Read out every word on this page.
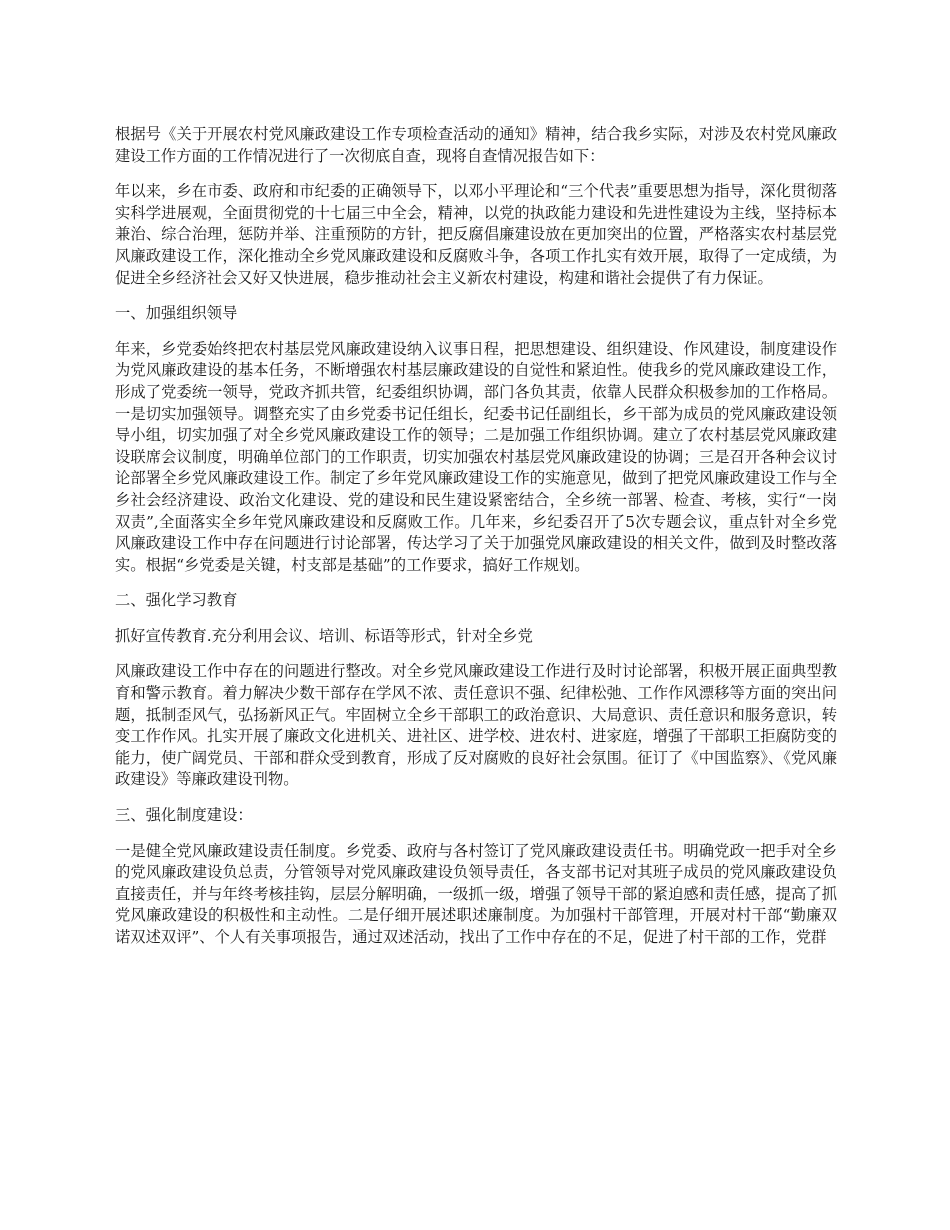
根据号《关于开展农村党风廉政建设工作专项检查活动的通知》精神，结合我乡实际，对涉及农村党风廉政建设工作方面的工作情况进行了一次彻底自查，现将自查情况报告如下：

年以来，乡在市委、政府和市纪委的正确领导下，以邓小平理论和“三个代表”重要思想为指导，深化贯彻落实科学进展观，全面贯彻党的十七届三中全会，精神，以党的执政能力建设和先进性建设为主线，坚持标本兼治、综合治理，惩防并举、注重预防的方针，把反腐倡廉建设放在更加突出的位置，严格落实农村基层党风廉政建设工作，深化推动全乡党风廉政建设和反腐败斗争，各项工作扎实有效开展，取得了一定成绩，为促进全乡经济社会又好又快进展，稳步推动社会主义新农村建设，构建和谐社会提供了有力保证。

一、加强组织领导

年来，乡党委始终把农村基层党风廉政建设纳入议事日程，把思想建设、组织建设、作风建设，制度建设作为党风廉政建设的基本任务，不断增强农村基层廉政建设的自觉性和紧迫性。使我乡的党风廉政建设工作，形成了党委统一领导，党政齐抓共管，纪委组织协调，部门各负其责，依靠人民群众积极参加的工作格局。一是切实加强领导。调整充实了由乡党委书记任组长，纪委书记任副组长，乡干部为成员的党风廉政建设领导小组，切实加强了对全乡党风廉政建设工作的领导；二是加强工作组织协调。建立了农村基层党风廉政建设联席会议制度，明确单位部门的工作职责，切实加强农村基层党风廉政建设的协调；三是召开各种会议讨论部署全乡党风廉政建设工作。制定了乡年党风廉政建设工作的实施意见，做到了把党风廉政建设工作与全乡社会经济建设、政治文化建设、党的建设和民生建设紧密结合，全乡统一部署、检查、考核，实行“一岗双责”,全面落实全乡年党风廉政建设和反腐败工作。几年来，乡纪委召开了5次专题会议，重点针对全乡党风廉政建设工作中存在问题进行讨论部署，传达学习了关于加强党风廉政建设的相关文件，做到及时整改落实。根据“乡党委是关键，村支部是基础”的工作要求，搞好工作规划。

二、强化学习教育

抓好宣传教育.充分利用会议、培训、标语等形式，针对全乡党

风廉政建设工作中存在的问题进行整改。对全乡党风廉政建设工作进行及时讨论部署，积极开展正面典型教育和警示教育。着力解决少数干部存在学风不浓、责任意识不强、纪律松弛、工作作风漂移等方面的突出问题，抵制歪风气，弘扬新风正气。牢固树立全乡干部职工的政治意识、大局意识、责任意识和服务意识，转变工作作风。扎实开展了廉政文化进机关、进社区、进学校、进农村、进家庭，增强了干部职工拒腐防变的能力，使广阔党员、干部和群众受到教育，形成了反对腐败的良好社会氛围。征订了《中国监察》、《党风廉政建设》等廉政建设刊物。

三、强化制度建设：

一是健全党风廉政建设责任制度。乡党委、政府与各村签订了党风廉政建设责任书。明确党政一把手对全乡的党风廉政建设负总责，分管领导对党风廉政建设负领导责任，各支部书记对其班子成员的党风廉政建设负直接责任，并与年终考核挂钩，层层分解明确，一级抓一级，增强了领导干部的紧迫感和责任感，提高了抓党风廉政建设的积极性和主动性。二是仔细开展述职述廉制度。为加强村干部管理，开展对村干部“勤廉双诺双述双评”、个人有关事项报告，通过双述活动，找出了工作中存在的不足，促进了村干部的工作，党群
